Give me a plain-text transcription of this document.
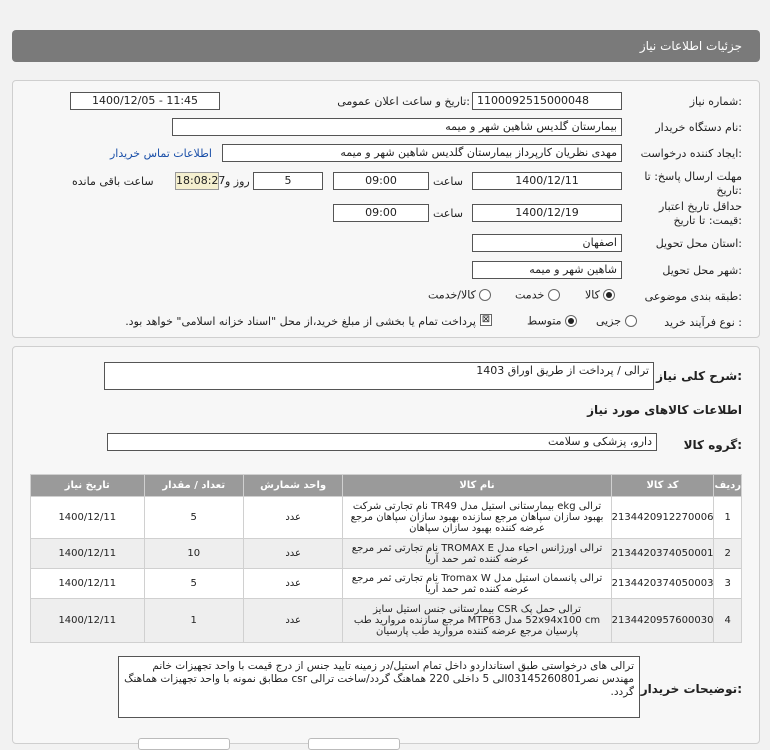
جزئیات اطلاعات نیاز
شماره نیاز:
1100092515000048
تاریخ و ساعت اعلان عمومی:
1400/12/05 - 11:45
نام دستگاه خریدار:
بیمارستان گلدیس شاهین شهر و میمه
ایجاد کننده درخواست:
مهدی نظریان کارپرداز بیمارستان گلدیس شاهین شهر و میمه
اطلاعات تماس خریدار
مهلت ارسال پاسخ: تا تاریخ:
1400/12/11
ساعت
09:00
5
روز و
18:08:27
ساعت باقی مانده
حداقل تاریخ اعتبار قیمت: تا تاریخ:
1400/12/19
ساعت
09:00
استان محل تحویل:
اصفهان
شهر محل تحویل:
شاهین شهر و میمه
طبقه بندی موضوعی:
کالا
خدمت
کالا/خدمت
نوع فرآیند خرید :
جزیی
متوسط
⊠
پرداخت تمام یا بخشی از مبلغ خرید،از محل "اسناد خزانه اسلامی" خواهد بود.
شرح کلی نیاز:
ترالی / پرداخت از طریق اوراق 1403
اطلاعات کالاهای مورد نیاز
گروه کالا:
دارو، پزشکی و سلامت
ردیف	کد کالا	نام کالا	واحد شمارش	تعداد / مقدار	تاریخ نیاز
1	2134420912270006	ترالی ekg بیمارستانی استیل مدل TR49 نام تجارتی شرکت بهبود سازان سپاهان مرجع سازنده بهبود سازان سپاهان مرجع عرضه کننده بهبود سازان سپاهان	عدد	5	1400/12/11
2	2134420374050001	ترالی اورژانس احیاء مدل TROMAX E نام تجارتی ثمر مرجع عرضه کننده ثمر حمد آریا	عدد	10	1400/12/11
3	2134420374050003	ترالی پانسمان استیل مدل Tromax W نام تجارتی ثمر مرجع عرضه کننده ثمر حمد آریا	عدد	5	1400/12/11
4	2134420957600030	ترالی حمل پک CSR بیمارستانی جنس استیل سایز 52x94x100 cm مدل MTP63 مرجع سازنده مروارید طب پارسیان مرجع عرضه کننده مروارید طب پارسیان	عدد	1	1400/12/11
توضیحات خریدار:
ترالی های درخواستی طبق استانداردو داخل تمام استیل/در زمینه تایید جنس از درج قیمت با واحد تجهیزات خانم مهندس نصر03145260801الی 5 داخلی 220 هماهنگ گردد/ساخت ترالی csr مطابق نمونه با واحد تجهیزات هماهنگ گردد.
